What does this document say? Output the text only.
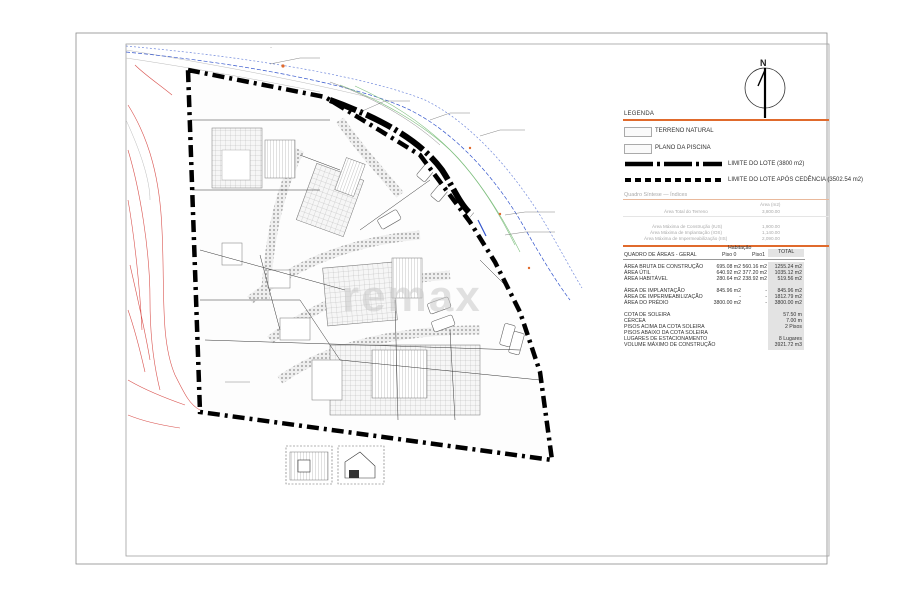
~
N
remax
LEGENDA
TERRENO NATURAL
PLANO DA PISCINA
LIMITE DO LOTE (3800 m2)
LIMITE DO LOTE APÓS CEDÊNCIA (3502.54 m2)
Quadro Síntese — Índices
Área (m2)
Área Total do Terreno	3,800.00
Área Máxima de Construção (IUS)	1,900.00
Área Máxima de Implantação (IOS)	1,140.00
Área Máxima de Impermeabilização (IIS)	2,090.00
Habitação
QUADRO DE ÁREAS - GERAL	Piso 0	Piso1	TOTAL
ÁREA BRUTA DE CONSTRUÇÃO	695.08 m2 560.16 m2	1255.24 m2
ÁREA ÚTIL	640.92 m2 377.20 m2	1035.12 m2
ÁREA HABITÁVEL	280.64 m2 238.92 m2	519.56 m2
ÁREA DE IMPLANTAÇÃO	845.96 m2	-	845.96 m2
ÁREA DE IMPERMEABILIZAÇÃO	-	-	1812.79 m2
ÁREA DO PRÉDIO	3800.00 m2	-	3800.00 m2
COTA DE SOLEIRA	57.50 m
CÉRCEA	7.00 m
PISOS ACIMA DA COTA SOLEIRA	2 Pisos
PISOS ABAIXO DA COTA SOLEIRA
LUGARES DE ESTACIONAMENTO	8 Lugares
VOLUME MÁXIMO DE CONSTRUÇÃO	3921.72 m3
